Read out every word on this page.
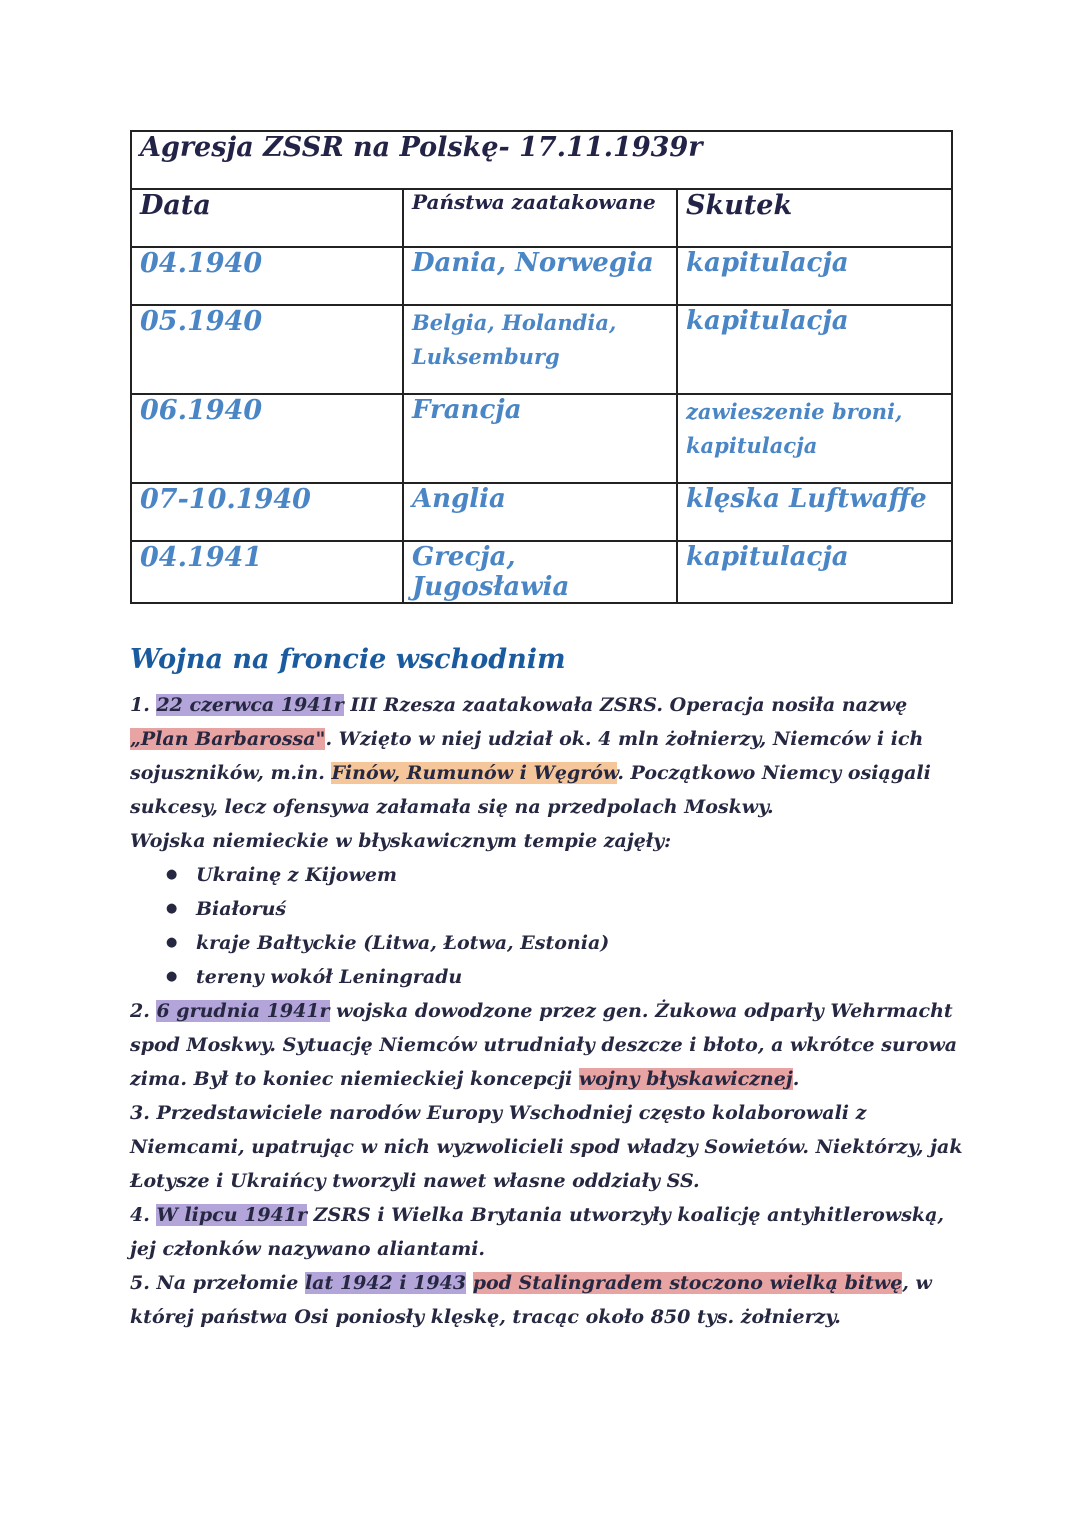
Agresja ZSSR na Polskę- 17.11.1939r		
Data	Państwa zaatakowane	Skutek
04.1940	Dania, Norwegia	kapitulacja
05.1940	Belgia, Holandia, Luksemburg	kapitulacja
06.1940	Francja	zawieszenie broni, kapitulacja
07-10.1940	Anglia	klęska Luftwaffe
04.1941	Grecja, Jugosławia	kapitulacja
Wojna na froncie wschodnim

1. 22 czerwca 1941r III Rzesza zaatakowała ZSRS. Operacja nosiła nazwę „Plan Barbarossa". Wzięto w niej udział ok. 4 mln żołnierzy, Niemców i ich sojuszników, m.in. Finów, Rumunów i Węgrów. Początkowo Niemcy osiągali sukcesy, lecz ofensywa załamała się na przedpolach Moskwy.

Wojska niemieckie w błyskawicznym tempie zajęły:

● Ukrainę z Kijowem
● Białoruś
● kraje Bałtyckie (Litwa, Łotwa, Estonia)
● tereny wokół Leningradu

2. 6 grudnia 1941r wojska dowodzone przez gen. Żukowa odparły Wehrmacht spod Moskwy. Sytuację Niemców utrudniały deszcze i błoto, a wkrótce surowa zima. Był to koniec niemieckiej koncepcji wojny błyskawicznej.

3. Przedstawiciele narodów Europy Wschodniej często kolaborowali z Niemcami, upatrując w nich wyzwolicieli spod władzy Sowietów. Niektórzy, jak Łotysze i Ukraińcy tworzyli nawet własne oddziały SS.

4. W lipcu 1941r ZSRS i Wielka Brytania utworzyły koalicję antyhitlerowską, jej członków nazywano aliantami.

5. Na przełomie lat 1942 i 1943 pod Stalingradem stoczono wielką bitwę, w której państwa Osi poniosły klęskę, tracąc około 850 tys. żołnierzy.
